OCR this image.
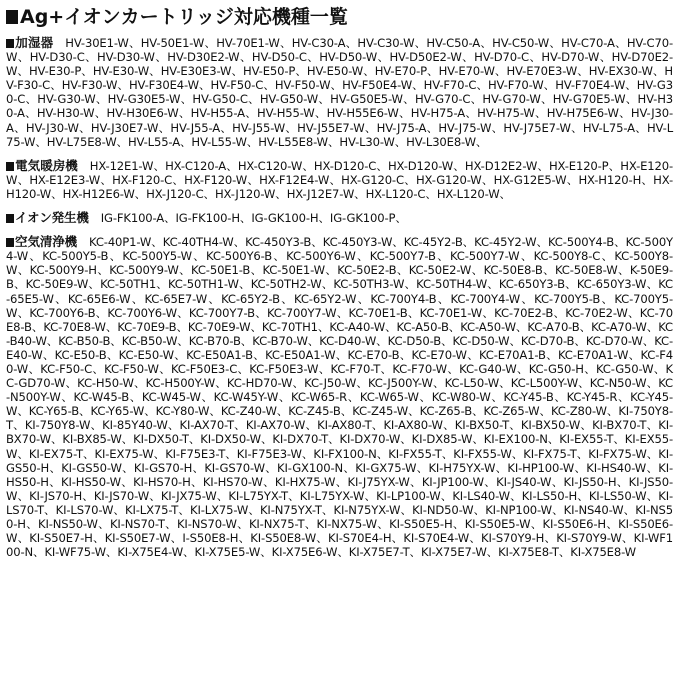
Ag+イオンカートリッジ対応機種一覧
加湿器 HV-30E1-W、HV-50E1-W、HV-70E1-W、HV-C30-A、HV-C30-W、HV-C50-A、HV-C50-W、HV-C70-A、HV-C70-W、HV-D30-C、HV-D30-W、HV-D30E2-W、HV-D50-C、HV-D50-W、HV-D50E2-W、HV-D70-C、HV-D70-W、HV-D70E2-W、HV-E30-P、HV-E30-W、HV-E30E3-W、HV-E50-P、HV-E50-W、HV-E70-P、HV-E70-W、HV-E70E3-W、HV-EX30-W、HV-F30-C、HV-F30-W、HV-F30E4-W、HV-F50-C、HV-F50-W、HV-F50E4-W、HV-F70-C、HV-F70-W、HV-F70E4-W、HV-G30-C、HV-G30-W、HV-G30E5-W、HV-G50-C、HV-G50-W、HV-G50E5-W、HV-G70-C、HV-G70-W、HV-G70E5-W、HV-H30-A、HV-H30-W、HV-H30E6-W、HV-H55-A、HV-H55-W、HV-H55E6-W、HV-H75-A、HV-H75-W、HV-H75E6-W、HV-J30-A、HV-J30-W、HV-J30E7-W、HV-J55-A、HV-J55-W、HV-J55E7-W、HV-J75-A、HV-J75-W、HV-J75E7-W、HV-L75-A、HV-L75-W、HV-L75E8-W、HV-L55-A、HV-L55-W、HV-L55E8-W、HV-L30-W、HV-L30E8-W、
電気暖房機 HX-12E1-W、HX-C120-A、HX-C120-W、HX-D120-C、HX-D120-W、HX-D12E2-W、HX-E120-P、HX-E120-W、HX-E12E3-W、HX-F120-C、HX-F120-W、HX-F12E4-W、HX-G120-C、HX-G120-W、HX-G12E5-W、HX-H120-H、HX-H120-W、HX-H12E6-W、HX-J120-C、HX-J120-W、HX-J12E7-W、HX-L120-C、HX-L120-W、
イオン発生機 IG-FK100-A、IG-FK100-H、IG-GK100-H、IG-GK100-P、
空気清浄機 KC-40P1-W、KC-40TH4-W、KC-450Y3-B、KC-450Y3-W、KC-45Y2-B、KC-45Y2-W、KC-500Y4-B、KC-500Y4-W、KC-500Y5-B、KC-500Y5-W、KC-500Y6-B、KC-500Y6-W、KC-500Y7-B、KC-500Y7-W、KC-500Y8-C、KC-500Y8-W、KC-500Y9-H、KC-500Y9-W、KC-50E1-B、KC-50E1-W、KC-50E2-B、KC-50E2-W、KC-50E8-B、KC-50E8-W、K-50E9-B、KC-50E9-W、KC-50TH1、KC-50TH1-W、KC-50TH2-W、KC-50TH3-W、KC-50TH4-W、KC-650Y3-B、KC-650Y3-W、KC-65E5-W、KC-65E6-W、KC-65E7-W、KC-65Y2-B、KC-65Y2-W、KC-700Y4-B、KC-700Y4-W、KC-700Y5-B、KC-700Y5-W、KC-700Y6-B、KC-700Y6-W、KC-700Y7-B、KC-700Y7-W、KC-70E1-B、KC-70E1-W、KC-70E2-B、KC-70E2-W、KC-70E8-B、KC-70E8-W、KC-70E9-B、KC-70E9-W、KC-70TH1、KC-A40-W、KC-A50-B、KC-A50-W、KC-A70-B、KC-A70-W、KC-B40-W、KC-B50-B、KC-B50-W、KC-B70-B、KC-B70-W、KC-D40-W、KC-D50-B、KC-D50-W、KC-D70-B、KC-D70-W、KC-E40-W、KC-E50-B、KC-E50-W、KC-E50A1-B、KC-E50A1-W、KC-E70-B、KC-E70-W、KC-E70A1-B、KC-E70A1-W、KC-F40-W、KC-F50-C、KC-F50-W、KC-F50E3-C、KC-F50E3-W、KC-F70-T、KC-F70-W、KC-G40-W、KC-G50-H、KC-G50-W、KC-GD70-W、KC-H50-W、KC-H500Y-W、KC-HD70-W、KC-J50-W、KC-J500Y-W、KC-L50-W、KC-L500Y-W、KC-N50-W、KC-N500Y-W、KC-W45-B、KC-W45-W、KC-W45Y-W、KC-W65-R、KC-W65-W、KC-W80-W、KC-Y45-B、KC-Y45-R、KC-Y45-W、KC-Y65-B、KC-Y65-W、KC-Y80-W、KC-Z40-W、KC-Z45-B、KC-Z45-W、KC-Z65-B、KC-Z65-W、KC-Z80-W、KI-750Y8-T、KI-750Y8-W、KI-85Y40-W、KI-AX70-T、KI-AX70-W、KI-AX80-T、KI-AX80-W、KI-BX50-T、KI-BX50-W、KI-BX70-T、KI-BX70-W、KI-BX85-W、KI-DX50-T、KI-DX50-W、KI-DX70-T、KI-DX70-W、KI-DX85-W、KI-EX100-N、KI-EX55-T、KI-EX55-W、KI-EX75-T、KI-EX75-W、KI-F75E3-T、KI-F75E3-W、KI-FX100-N、KI-FX55-T、KI-FX55-W、KI-FX75-T、KI-FX75-W、KI-GS50-H、KI-GS50-W、KI-GS70-H、KI-GS70-W、KI-GX100-N、KI-GX75-W、KI-H75YX-W、KI-HP100-W、KI-HS40-W、KI-HS50-H、KI-HS50-W、KI-HS70-H、KI-HS70-W、KI-HX75-W、KI-J75YX-W、KI-JP100-W、KI-JS40-W、KI-JS50-H、KI-JS50-W、KI-JS70-H、KI-JS70-W、KI-JX75-W、KI-L75YX-T、KI-L75YX-W、KI-LP100-W、KI-LS40-W、KI-LS50-H、KI-LS50-W、KI-LS70-T、KI-LS70-W、KI-LX75-T、KI-LX75-W、KI-N75YX-T、KI-N75YX-W、KI-ND50-W、KI-NP100-W、KI-NS40-W、KI-NS50-H、KI-NS50-W、KI-NS70-T、KI-NS70-W、KI-NX75-T、KI-NX75-W、KI-S50E5-H、KI-S50E5-W、KI-S50E6-H、KI-S50E6-W、KI-S50E7-H、KI-S50E7-W、I-S50E8-H、KI-S50E8-W、KI-S70E4-H、KI-S70E4-W、KI-S70Y9-H、KI-S70Y9-W、KI-WF100-N、KI-WF75-W、KI-X75E4-W、KI-X75E5-W、KI-X75E6-W、KI-X75E7-T、KI-X75E7-W、KI-X75E8-T、KI-X75E8-W
